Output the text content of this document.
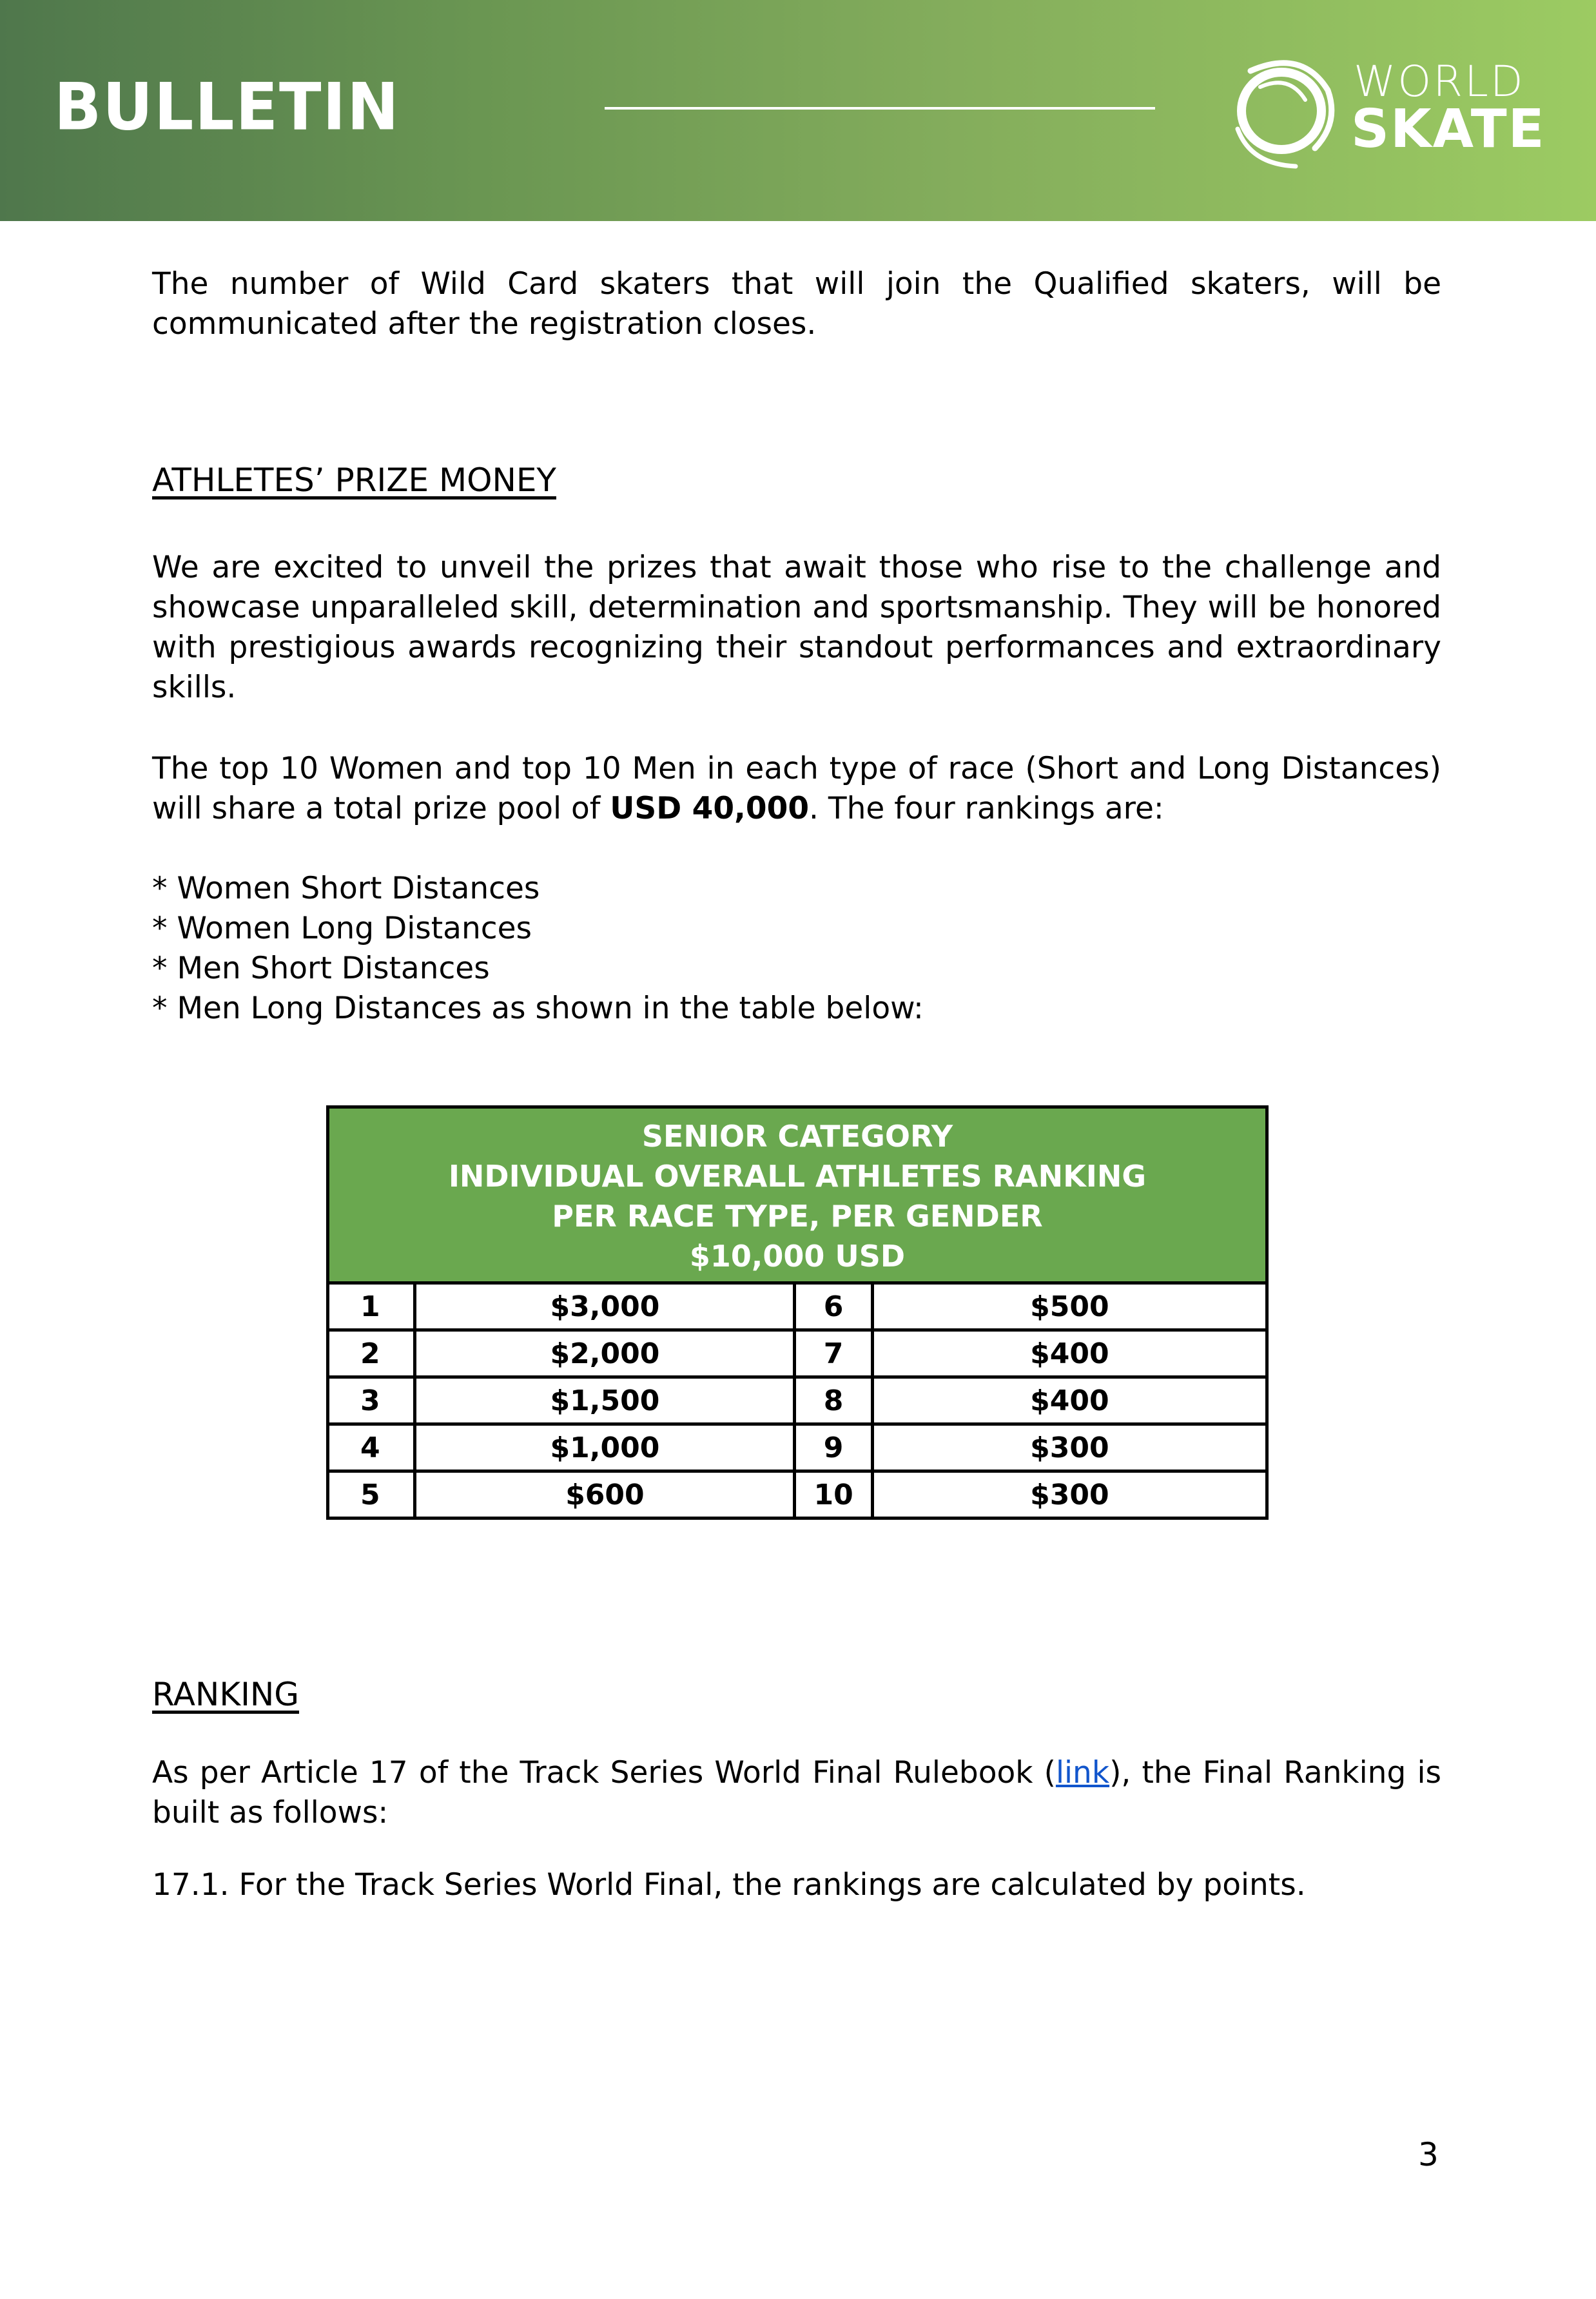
BULLETIN	WORLD
SKATE

The number of Wild Card skaters that will join the Qualified skaters, will be communicated after the registration closes.

ATHLETES’ PRIZE MONEY

We are excited to unveil the prizes that await those who rise to the challenge and showcase unparalleled skill, determination and sportsmanship. They will be honored with prestigious awards recognizing their standout performances and extraordinary skills.

The top 10 Women and top 10 Men in each type of race (Short and Long Distances) will share a total prize pool of USD 40,000. The four rankings are:

* Women Short Distances
* Women Long Distances
* Men Short Distances
* Men Long Distances as shown in the table below:
SENIOR CATEGORY
INDIVIDUAL OVERALL ATHLETES RANKING
PER RACE TYPE, PER GENDER
$10,000 USD			

1	$3,000	6	$500
2	$2,000	7	$400
3	$1,500	8	$400
4	$1,000	9	$300
5	$600	10	$300

RANKING

As per Article 17 of the Track Series World Final Rulebook (link), the Final Ranking is built as follows:

17.1. For the Track Series World Final, the rankings are calculated by points.

3
